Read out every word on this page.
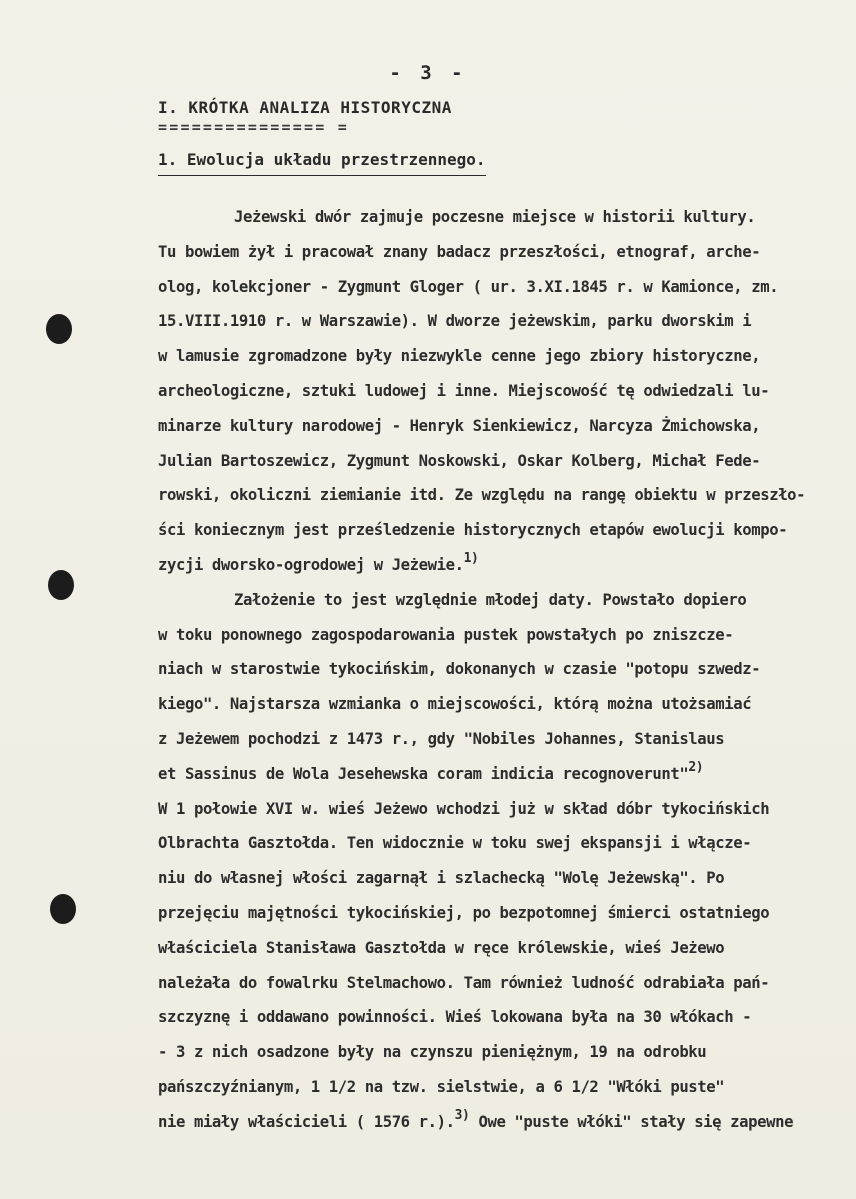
- 3 -
I. KRÓTKA ANALIZA HISTORYCZNA
=============== =
1. Ewolucja układu przestrzennego.
Jeżewski dwór zajmuje poczesne miejsce w historii kultury.
Tu bowiem żył i pracował znany badacz przeszłości, etnograf, arche-
olog, kolekcjoner - Zygmunt Gloger ( ur. 3.XI.1845 r. w Kamionce, zm.
15.VIII.1910 r. w Warszawie). W dworze jeżewskim, parku dworskim i
w lamusie zgromadzone były niezwykle cenne jego zbiory historyczne,
archeologiczne, sztuki ludowej i inne. Miejscowość tę odwiedzali lu-
minarze kultury narodowej - Henryk Sienkiewicz, Narcyza Żmichowska,
Julian Bartoszewicz, Zygmunt Noskowski, Oskar Kolberg, Michał Fedе-
rowski, okoliczni ziemianie itd. Ze względu na rangę obiektu w przeszło-
ści koniecznym jest prześledzenie historycznych etapów ewolucji kompo-
zycji dworsko-ogrodowej w Jeżewie.$^{1)}$
Założenie to jest względnie młodej daty. Powstało dopiero
w toku ponownego zagospodarowania pustek powstałych po zniszcze-
niach w starostwie tykocińskim, dokonanych w czasie "potopu szwedz-
kiego". Najstarsza wzmianka o miejscowości, którą można utożsamiać
z Jeżewem pochodzi z 1473 r., gdy "Nobiles Johannes, Stanislaus
et Sassinus de Wola Jesehewska coram indicia recognoverunt"$^{2)}$
W 1 połowie XVI w. wieś Jeżewo wchodzi już w skład dóbr tykocińskich
Olbrachta Gasztołda. Ten widocznie w toku swej ekspansji i włącze-
niu do własnej włości zagarnął i szlachecką "Wolę Jeżewską". Po
przejęciu majętności tykocińskiej, po bezpotomnej śmierci ostatniego
właściciela Stanisława Gasztołda w ręce królewskie, wieś Jeżewo
należała do fowalrku Stelmachowo. Tam również ludność odrabiała pań-
szczyznę i oddawano powinności. Wieś lokowana była na 30 włókach -
- 3 z nich osadzone były na czynszu pieniężnym, 19 na odrobku
pańszczyźnianym, 1 1/2 na tzw. sielstwie, a 6 1/2 "Włóki puste"
nie miały właścicieli ( 1576 r.).$^{3)}$ Owe "puste włóki" stały się zapewne
